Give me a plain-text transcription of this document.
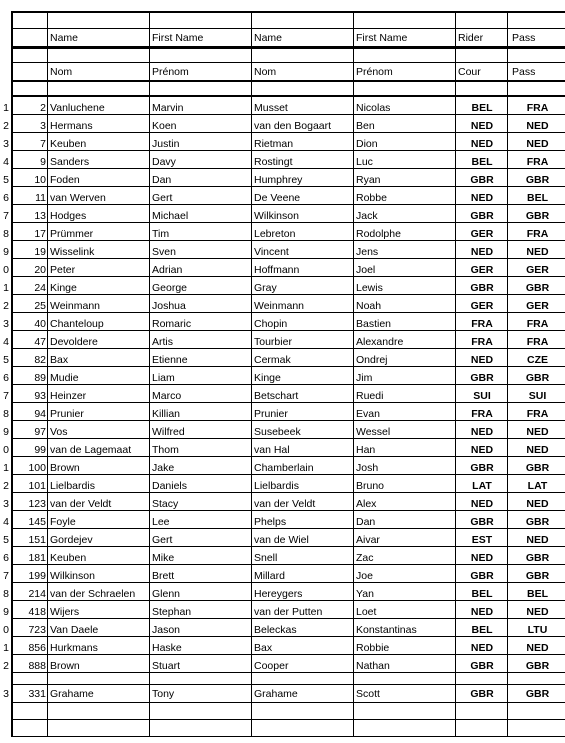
Name	First Name	Name	First Name	Rider	Pass
Nom	Prénom	Nom	Prénom	Cour	Pass
1	2 Vanluchene	Marvin	Musset	Nicolas	BEL	FRA
2	3 Hermans	Koen	van den Bogaart	Ben	NED	NED
3	7 Keuben	Justin	Rietman	Dion	NED	NED
4	9 Sanders	Davy	Rostingt	Luc	BEL	FRA
5	10 Foden	Dan	Humphrey	Ryan	GBR	GBR
6	11 van Werven	Gert	De Veene	Robbe	NED	BEL
7	13 Hodges	Michael	Wilkinson	Jack	GBR	GBR
8	17 Prümmer	Tim	Lebreton	Rodolphe	GER	FRA
9	19 Wisselink	Sven	Vincent	Jens	NED	NED
0	20 Peter	Adrian	Hoffmann	Joel	GER	GER
1	24 Kinge	George	Gray	Lewis	GBR	GBR
2	25 Weinmann	Joshua	Weinmann	Noah	GER	GER
3	40 Chanteloup	Romaric	Chopin	Bastien	FRA	FRA
4	47 Devoldere	Artis	Tourbier	Alexandre	FRA	FRA
5	82 Bax	Etienne	Cermak	Ondrej	NED	CZE
6	89 Mudie	Liam	Kinge	Jim	GBR	GBR
7	93 Heinzer	Marco	Betschart	Ruedi	SUI	SUI
8	94 Prunier	Killian	Prunier	Evan	FRA	FRA
9	97 Vos	Wilfred	Susebeek	Wessel	NED	NED
0	99 van de Lagemaat	Thom	van Hal	Han	NED	NED
1	100 Brown	Jake	Chamberlain	Josh	GBR	GBR
2	101 Lielbardis	Daniels	Lielbardis	Bruno	LAT	LAT
3	123 van der Veldt	Stacy	van der Veldt	Alex	NED	NED
4	145 Foyle	Lee	Phelps	Dan	GBR	GBR
5	151 Gordejev	Gert	van de Wiel	Aivar	EST	NED
6	181 Keuben	Mike	Snell	Zac	NED	GBR
7	199 Wilkinson	Brett	Millard	Joe	GBR	GBR
8	214 van der Schraelen	Glenn	Hereygers	Yan	BEL	BEL
9	418 Wijers	Stephan	van der Putten	Loet	NED	NED
0	723 Van Daele	Jason	Beleckas	Konstantinas	BEL	LTU
1	856 Hurkmans	Haske	Bax	Robbie	NED	NED
2	888 Brown	Stuart	Cooper	Nathan	GBR	GBR
3	331 Grahame	Tony	Grahame	Scott	GBR	GBR
